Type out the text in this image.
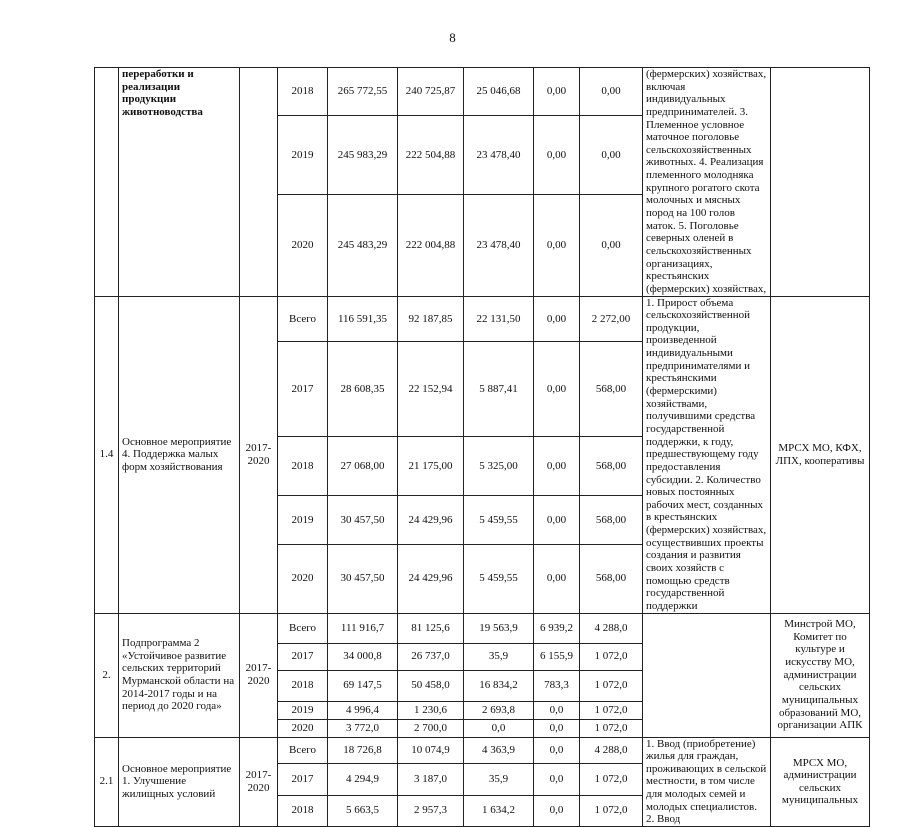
8
	переработки и реализации продукции животноводства		2018	265 772,55	240 725,87	25 046,68	0,00	0,00	(фермерских) хозяйствах, включая индивидуальных предпринимателей. 3. Племенное условное маточное поголовье сельскохозяйственных животных. 4. Реализация племенного молодняка крупного рогатого скота молочных и мясных пород на 100 голов маток. 5. Поголовье северных оленей в сельскохозяйственных организациях, крестьянских (фермерских) хозяйствах,	
			2019	245 983,29	222 504,88	23 478,40	0,00	0,00		
			2020	245 483,29	222 004,88	23 478,40	0,00	0,00		
1.4	Основное мероприятие 4. Поддержка малых форм хозяйствования	2017-2020	Всего	116 591,35	92 187,85	22 131,50	0,00	2 272,00	1. Прирост объема сельскохозяйственной продукции, произведенной индивидуальными предпринимателями и крестьянскими (фермерскими) хозяйствами, получившими средства государственной поддержки, к году, предшествующему году предоставления субсидии. 2. Количество новых постоянных рабочих мест, созданных в крестьянских (фермерских) хозяйствах, осуществивших проекты создания и развития своих хозяйств с помощью средств государственной поддержки	МРСХ МО, КФХ, ЛПХ, кооперативы
			2017	28 608,35	22 152,94	5 887,41	0,00	568,00		
			2018	27 068,00	21 175,00	5 325,00	0,00	568,00		
			2019	30 457,50	24 429,96	5 459,55	0,00	568,00		
			2020	30 457,50	24 429,96	5 459,55	0,00	568,00		
2.	Подпрограмма 2 «Устойчивое развитие сельских территорий Мурманской области на 2014-2017 годы и на период до 2020 года»	2017-2020	Всего	111 916,7	81 125,6	19 563,9	6 939,2	4 288,0		Минстрой МО, Комитет по культуре и искусству МО, администрации сельских муниципальных образований МО, организации АПК
			2017	34 000,8	26 737,0	35,9	6 155,9	1 072,0		
			2018	69 147,5	50 458,0	16 834,2	783,3	1 072,0		
			2019	4 996,4	1 230,6	2 693,8	0,0	1 072,0		
			2020	3 772,0	2 700,0	0,0	0,0	1 072,0		
2.1	Основное мероприятие 1. Улучшение жилищных условий	2017-2020	Всего	18 726,8	10 074,9	4 363,9	0,0	4 288,0	1. Ввод (приобретение) жилья для граждан, проживающих в сельской местности, в том числе для молодых семей и молодых специалистов. 2. Ввод	МРСХ МО, администрации сельских муниципальных
			2017	4 294,9	3 187,0	35,9	0,0	1 072,0		
			2018	5 663,5	2 957,3	1 634,2	0,0	1 072,0		
